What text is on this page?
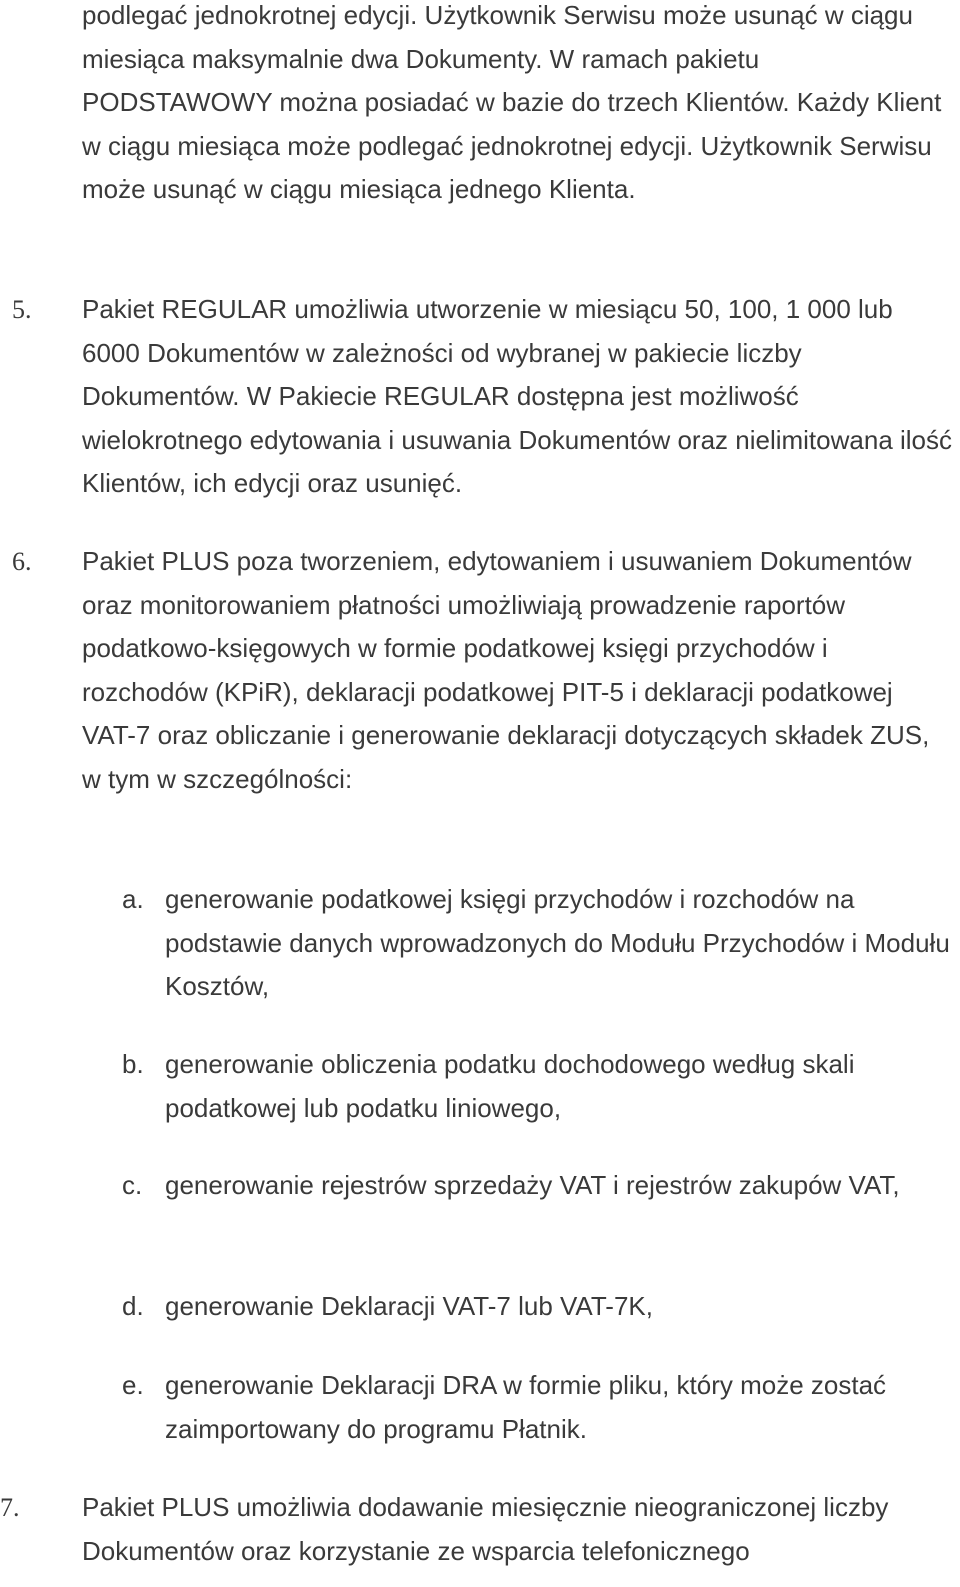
podlegać jednokrotnej edycji. Użytkownik Serwisu może usunąć w ciągu miesiąca maksymalnie dwa Dokumenty. W ramach pakietu PODSTAWOWY można posiadać w bazie do trzech Klientów. Każdy Klient w ciągu miesiąca może podlegać jednokrotnej edycji. Użytkownik Serwisu może usunąć w ciągu miesiąca jednego Klienta.

5. Pakiet REGULAR umożliwia utworzenie w miesiącu 50, 100, 1 000 lub 6000 Dokumentów w zależności od wybranej w pakiecie liczby Dokumentów. W Pakiecie REGULAR dostępna jest możliwość wielokrotnego edytowania i usuwania Dokumentów oraz nielimitowana ilość Klientów, ich edycji oraz usunięć.

6. Pakiet PLUS poza tworzeniem, edytowaniem i usuwaniem Dokumentów oraz monitorowaniem płatności umożliwiają prowadzenie raportów podatkowo-księgowych w formie podatkowej księgi przychodów i rozchodów (KPiR), deklaracji podatkowej PIT-5 i deklaracji podatkowej VAT-7 oraz obliczanie i generowanie deklaracji dotyczących składek ZUS, w tym w szczególności:

a. generowanie podatkowej księgi przychodów i rozchodów na podstawie danych wprowadzonych do Modułu Przychodów i Modułu Kosztów,
b. generowanie obliczenia podatku dochodowego według skali podatkowej lub podatku liniowego,
c. generowanie rejestrów sprzedaży VAT i rejestrów zakupów VAT,
d. generowanie Deklaracji VAT-7 lub VAT-7K,
e. generowanie Deklaracji DRA w formie pliku, który może zostać zaimportowany do programu Płatnik.
7. Pakiet PLUS umożliwia dodawanie miesięcznie nieograniczonej liczby Dokumentów oraz korzystanie ze wsparcia telefonicznego
